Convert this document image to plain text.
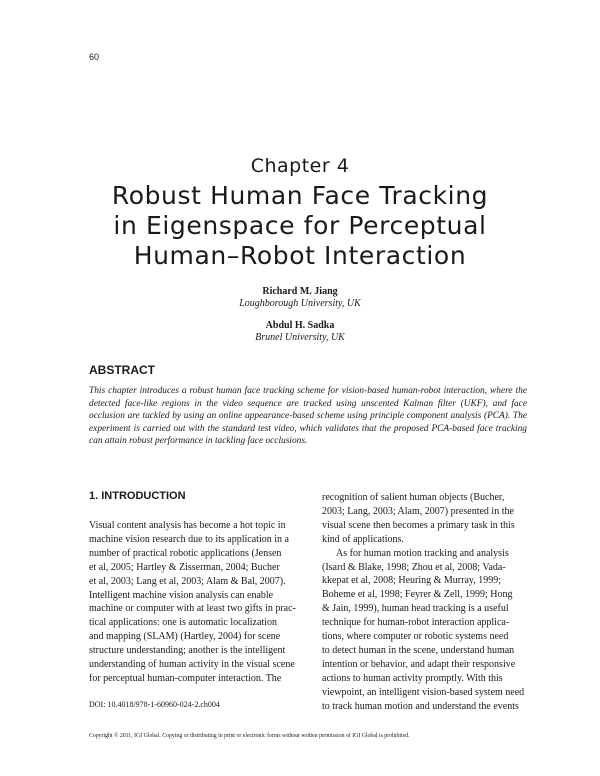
60
Chapter 4
Robust Human Face Tracking
in Eigenspace for Perceptual
Human–Robot Interaction
Richard M. Jiang
Loughborough University, UK
Abdul H. Sadka
Brunel University, UK
ABSTRACT

This chapter introduces a robust human face tracking scheme for vision-based human-robot interaction, where the detected face-like regions in the video sequence are tracked using unscented Kalman filter (UKF), and face occlusion are tackled by using an online appearance-based scheme using principle component analysis (PCA). The experiment is carried out with the standard test video, which validates that the proposed PCA-based face tracking can attain robust performance in tackling face occlusions.

1. INTRODUCTION

Visual content analysis has become a hot topic in
machine vision research due to its application in a
number of practical robotic applications (Jensen
et al, 2005; Hartley & Zisserman, 2004; Bucher
et al, 2003; Lang et al, 2003; Alam & Bal, 2007).
Intelligent machine vision analysis can enable
machine or computer with at least two gifts in prac-
tical applications: one is automatic localization
and mapping (SLAM) (Hartley, 2004) for scene
structure understanding; another is the intelligent
understanding of human activity in the visual scene
for perceptual human-computer interaction. The

recognition of salient human objects (Bucher,
2003; Lang, 2003; Alam, 2007) presented in the
visual scene then becomes a primary task in this
kind of applications.
As for human motion tracking and analysis
(Isard & Blake, 1998; Zhou et al, 2008; Vada-
kkepat et al, 2008; Heuring & Murray, 1999;
Boheme et al, 1998; Feyrer & Zell, 1999; Hong
& Jain, 1999), human head tracking is a useful
technique for human-robot interaction applica-
tions, where computer or robotic systems need
to detect human in the scene, understand human
intention or behavior, and adapt their responsive
actions to human activity promptly. With this
viewpoint, an intelligent vision-based system need
to track human motion and understand the events

DOI: 10.4018/978-1-60960-024-2.ch004
Copyright © 2011, IGI Global. Copying or distributing in print or electronic forms without written permission of IGI Global is prohibited.
